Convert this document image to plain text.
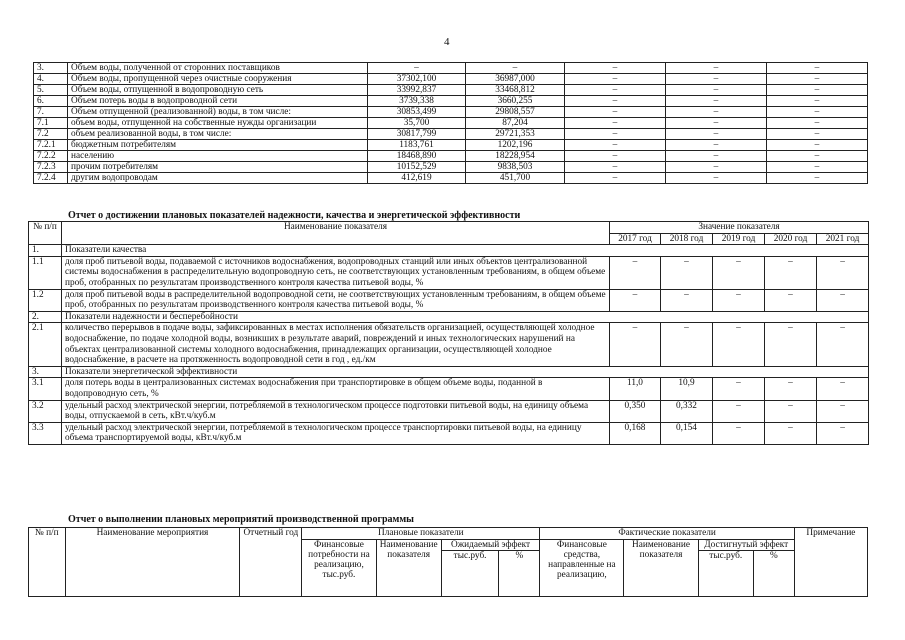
4
3.	Объем воды, полученной от сторонних поставщиков	–	–	–	–	–
4.	Объем воды, пропущенной через очистные сооружения	37302,100	36987,000	–	–	–
5.	Объем воды, отпущенной в водопроводную сеть	33992,837	33468,812	–	–	–
6.	Объем потерь воды в водопроводной сети	3739,338	3660,255	–	–	–
7.	Объем отпущенной (реализованной) воды, в том числе:	30853,499	29808,557	–	–	–
7.1	объем воды, отпущенной на собственные нужды организации	35,700	87,204	–	–	–
7.2	объем реализованной воды, в том числе:	30817,799	29721,353	–	–	–
7.2.1	бюджетным потребителям	1183,761	1202,196	–	–	–
7.2.2	населению	18468,890	18228,954	–	–	–
7.2.3	прочим потребителям	10152,529	9838,503	–	–	–
7.2.4	другим водопроводам	412,619	451,700	–	–	–
Отчет о достижении плановых показателей надежности, качества и энергетической эффективности
№ п/п	Наименование показателя	Значение показателя				
		2017 год	2018 год	2019 год	2020 год	2021 год
1.	Показатели качества					
1.1	доля проб питьевой воды, подаваемой с источников водоснабжения, водопроводных станций или иных объектов централизованной системы водоснабжения в распределительную водопроводную сеть, не соответствующих установленным требованиям, в общем объеме проб, отобранных по результатам производственного контроля качества питьевой воды, %	–	–	–	–	–
1.2	доля проб питьевой воды в распределительной водопроводной сети, не соответствующих установленным требованиям, в общем объеме проб, отобранных по результатам производственного контроля качества питьевой воды, %	–	–	–	–	–
2.	Показатели надежности и бесперебойности					
2.1	количество перерывов в подаче воды, зафиксированных в местах исполнения обязательств организацией, осуществляющей холодное водоснабжение, по подаче холодной воды, возникших в результате аварий, повреждений и иных технологических нарушений на объектах централизованной системы холодного водоснабжения, принадлежащих организации, осуществляющей холодное водоснабжение, в расчете на протяженность водопроводной сети в год , ед./км	–	–	–	–	–
3.	Показатели энергетической эффективности					
3.1	доля потерь воды в централизованных системах водоснабжения при транспортировке в общем объеме воды, поданной в водопроводную сеть, %	11,0	10,9	–	–	–
3.2	удельный расход электрической энергии, потребляемой в технологическом процессе подготовки питьевой воды, на единицу объема воды, отпускаемой в сеть, кВт.ч/куб.м	0,350	0,332	–	–	–
3.3	удельный расход электрической энергии, потребляемой в технологическом процессе транспортировки питьевой воды, на единицу объема транспортируемой воды, кВт.ч/куб.м	0,168	0,154	–	–	–
Отчет о выполнении плановых мероприятий производственной программы
№ п/п	Наименование мероприятия	Отчетный год	Плановые показатели				Фактические показатели				Примечание
			Финансовые потребности на реализацию, тыс.руб.	Наименование показателя	Ожидаемый эффект		Финансовые средства, направленные на реализацию,	Наименование показателя	Достигнутый эффект		
					тыс.руб.	%			тыс.руб.	%	
